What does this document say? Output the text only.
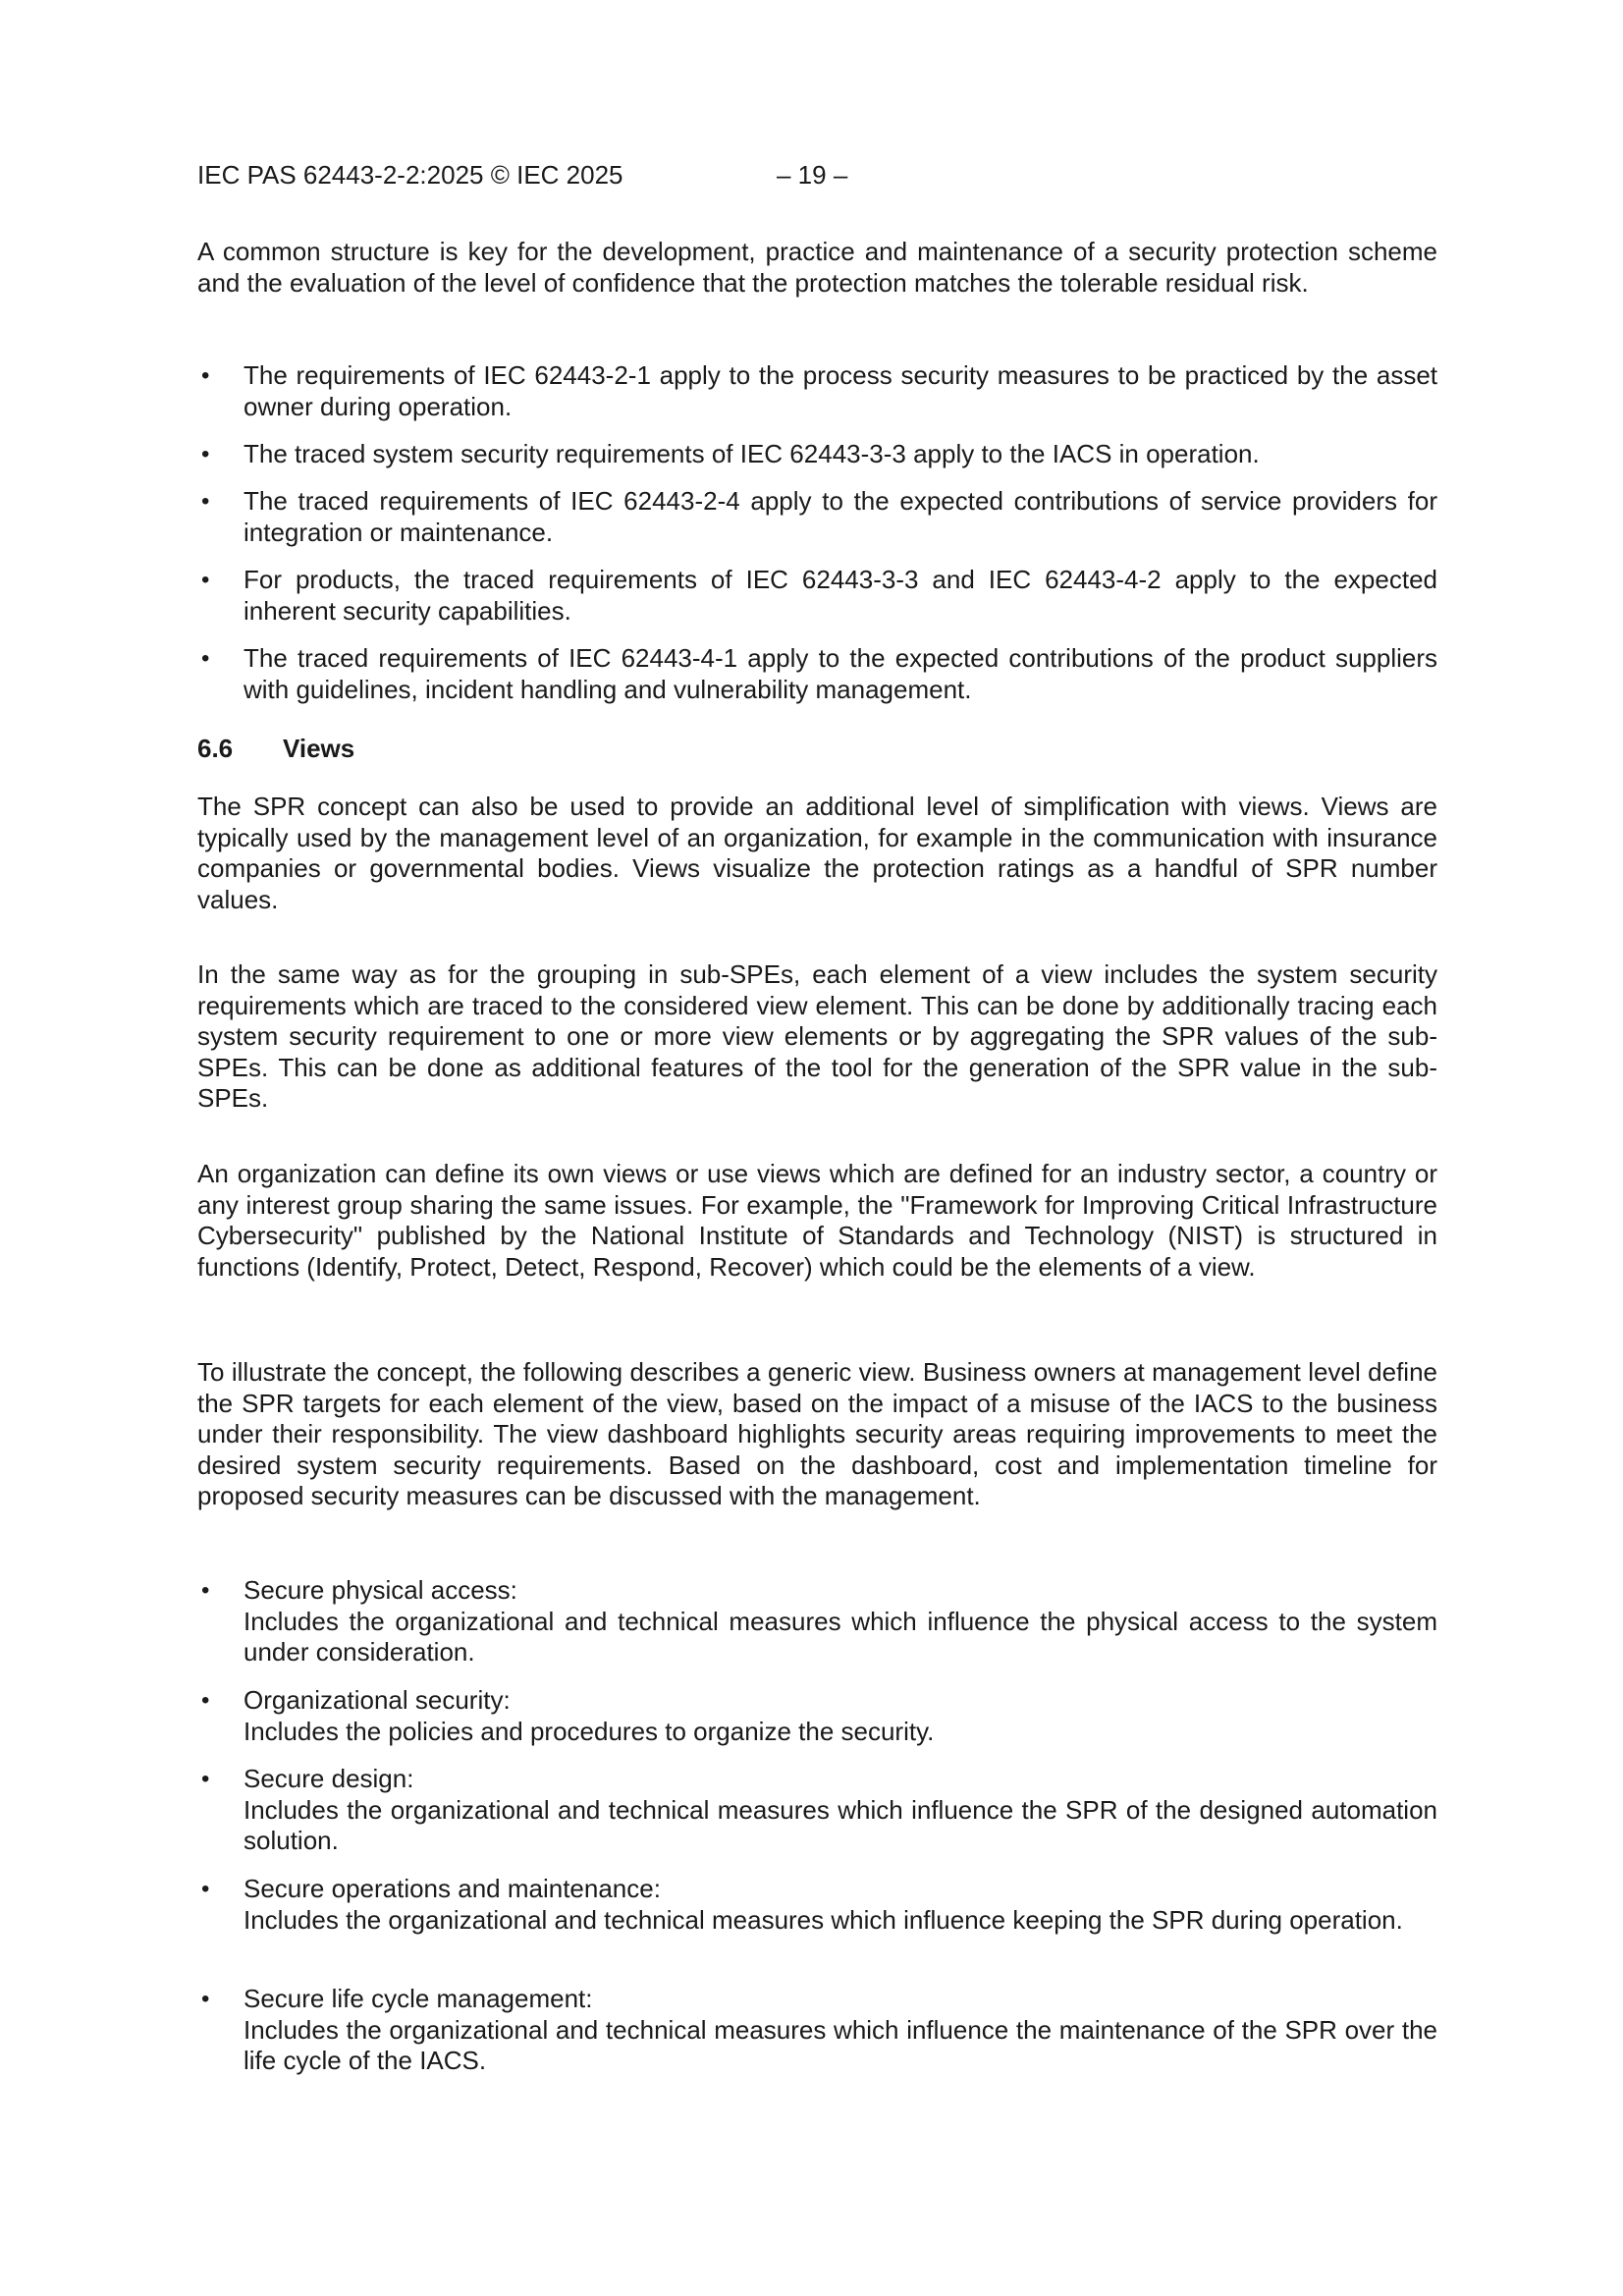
IEC PAS 62443-2-2:2025 © IEC 2025	– 19 –

A common structure is key for the development, practice and maintenance of a security protection scheme and the evaluation of the level of confidence that the protection matches the tolerable residual risk.

• The requirements of IEC 62443-2-1 apply to the process security measures to be practiced by the asset owner during operation.
• The traced system security requirements of IEC 62443-3-3 apply to the IACS in operation.
• The traced requirements of IEC 62443-2-4 apply to the expected contributions of service providers for integration or maintenance.
• For products, the traced requirements of IEC 62443-3-3 and IEC 62443-4-2 apply to the expected inherent security capabilities.
• The traced requirements of IEC 62443-4-1 apply to the expected contributions of the product suppliers with guidelines, incident handling and vulnerability management.
6.6 Views

The SPR concept can also be used to provide an additional level of simplification with views. Views are typically used by the management level of an organization, for example in the communication with insurance companies or governmental bodies. Views visualize the protection ratings as a handful of SPR number values.

In the same way as for the grouping in sub-SPEs, each element of a view includes the system security requirements which are traced to the considered view element. This can be done by additionally tracing each system security requirement to one or more view elements or by aggregating the SPR values of the sub-SPEs. This can be done as additional features of the tool for the generation of the SPR value in the sub-SPEs.

An organization can define its own views or use views which are defined for an industry sector, a country or any interest group sharing the same issues. For example, the "Framework for Improving Critical Infrastructure Cybersecurity" published by the National Institute of Standards and Technology (NIST) is structured in functions (Identify, Protect, Detect, Respond, Recover) which could be the elements of a view.

To illustrate the concept, the following describes a generic view. Business owners at management level define the SPR targets for each element of the view, based on the impact of a misuse of the IACS to the business under their responsibility. The view dashboard highlights security areas requiring improvements to meet the desired system security requirements. Based on the dashboard, cost and implementation timeline for proposed security measures can be discussed with the management.

• Secure physical access:
Includes the organizational and technical measures which influence the physical access to the system under consideration.
• Organizational security:
Includes the policies and procedures to organize the security.
• Secure design:
Includes the organizational and technical measures which influence the SPR of the designed automation solution.
• Secure operations and maintenance:
Includes the organizational and technical measures which influence keeping the SPR during operation.
• Secure life cycle management:
Includes the organizational and technical measures which influence the maintenance of the SPR over the life cycle of the IACS.
